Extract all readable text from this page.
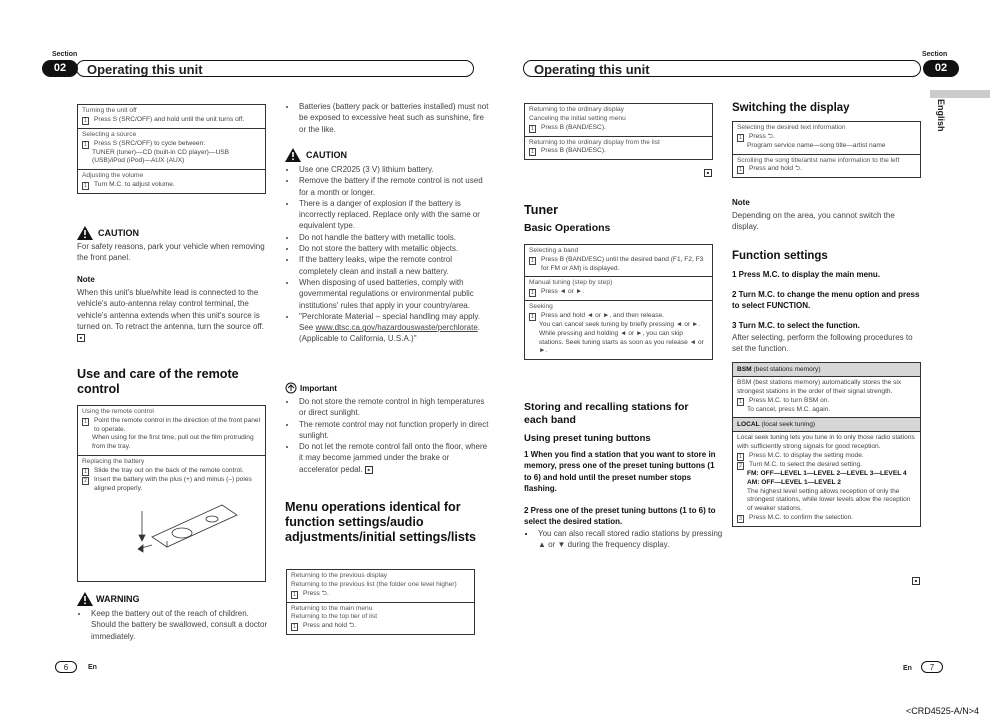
Section
02	Operating this unit
Section
Operating this unit	02
English
Turning the unit off
1	Press S (SRC/OFF) and hold until the unit turns off.
Selecting a source
1	Press S (SRC/OFF) to cycle between:
TUNER (tuner)—CD (built-in CD player)—USB (USB)/iPod (iPod)—AUX (AUX)
Adjusting the volume
1	Turn M.C. to adjust volume.
CAUTION
For safety reasons, park your vehicle when removing the front panel.
Note
When this unit's blue/white lead is connected to the vehicle's auto-antenna relay control terminal, the vehicle's antenna extends when this unit's source is turned on. To retract the antenna, turn the source off. ■
Use and care of the remote control
Using the remote control
1	Point the remote control in the direction of the front panel to operate.
When using for the first time, pull out the film protruding from the tray.
Replacing the battery
1	Slide the tray out on the back of the remote control.
2	Insert the battery with the plus (+) and minus (–) poles aligned properly.
WARNING
• Keep the battery out of the reach of children. Should the battery be swallowed, consult a doctor immediately.
• Batteries (battery pack or batteries installed) must not be exposed to excessive heat such as sunshine, fire or the like.
CAUTION
• Use one CR2025 (3 V) lithium battery.
• Remove the battery if the remote control is not used for a month or longer.
• There is a danger of explosion if the battery is incorrectly replaced. Replace only with the same or equivalent type.
• Do not handle the battery with metallic tools.
• Do not store the battery with metallic objects.
• If the battery leaks, wipe the remote control completely clean and install a new battery.
• When disposing of used batteries, comply with governmental regulations or environmental public institutions' rules that apply in your country/area.
• "Perchlorate Material – special handling may apply.
See www.dtsc.ca.gov/hazardouswaste/perchlorate. (Applicable to California, U.S.A.)"
Important
• Do not store the remote control in high temperatures or direct sunlight.
• The remote control may not function properly in direct sunlight.
• Do not let the remote control fall onto the floor, where it may become jammed under the brake or accelerator pedal. ■
Menu operations identical for function settings/audio adjustments/initial settings/lists
Returning to the previous display
Returning to the previous list (the folder one level higher)
1	Press ⮌.
Returning to the main menu
Returning to the top tier of list
1	Press and hold ⮌.
6	En
Returning to the ordinary display
Canceling the initial setting menu
1	Press B (BAND/ESC).
Returning to the ordinary display from the list
1	Press B (BAND/ESC).
■
Tuner
Basic Operations
Selecting a band
1	Press B (BAND/ESC) until the desired band (F1, F2, F3 for FM or AM) is displayed.
Manual tuning (step by step)
1	Press ◄ or ►.
Seeking
1	Press and hold ◄ or ►, and then release.
You can cancel seek tuning by briefly pressing ◄ or ►.
While pressing and holding ◄ or ►, you can skip stations. Seek tuning starts as soon as you release ◄ or ►.
Storing and recalling stations for each band
Using preset tuning buttons
1 When you find a station that you want to store in memory, press one of the preset tuning buttons (1 to 6) and hold until the preset number stops flashing.
2 Press one of the preset tuning buttons (1 to 6) to select the desired station.
▪ You can also recall stored radio stations by pressing ▲ or ▼ during the frequency display.
Switching the display
Selecting the desired text information
1	Press ⮌.
Program service name—song title—artist name
Scrolling the song title/artist name information to the left
1	Press and hold ⮌.
Note
Depending on the area, you cannot switch the display.
Function settings
1 Press M.C. to display the main menu.
2 Turn M.C. to change the menu option and press to select FUNCTION.
3 Turn M.C. to select the function.
After selecting, perform the following procedures to set the function.
BSM (best stations memory)
BSM (best stations memory) automatically stores the six strongest stations in the order of their signal strength.
1	Press M.C. to turn BSM on.
To cancel, press M.C. again.
LOCAL (local seek tuning)
Local seek tuning lets you tune in to only those radio stations with sufficiently strong signals for good reception.
1	Press M.C. to display the setting mode.
2	Turn M.C. to select the desired setting.
FM: OFF—LEVEL 1—LEVEL 2—LEVEL 3—LEVEL 4
AM: OFF—LEVEL 1—LEVEL 2
The highest level setting allows reception of only the strongest stations, while lower levels allow the reception of weaker stations.
3	Press M.C. to confirm the selection.
■
En	7
<CRD4525-A/N>4
